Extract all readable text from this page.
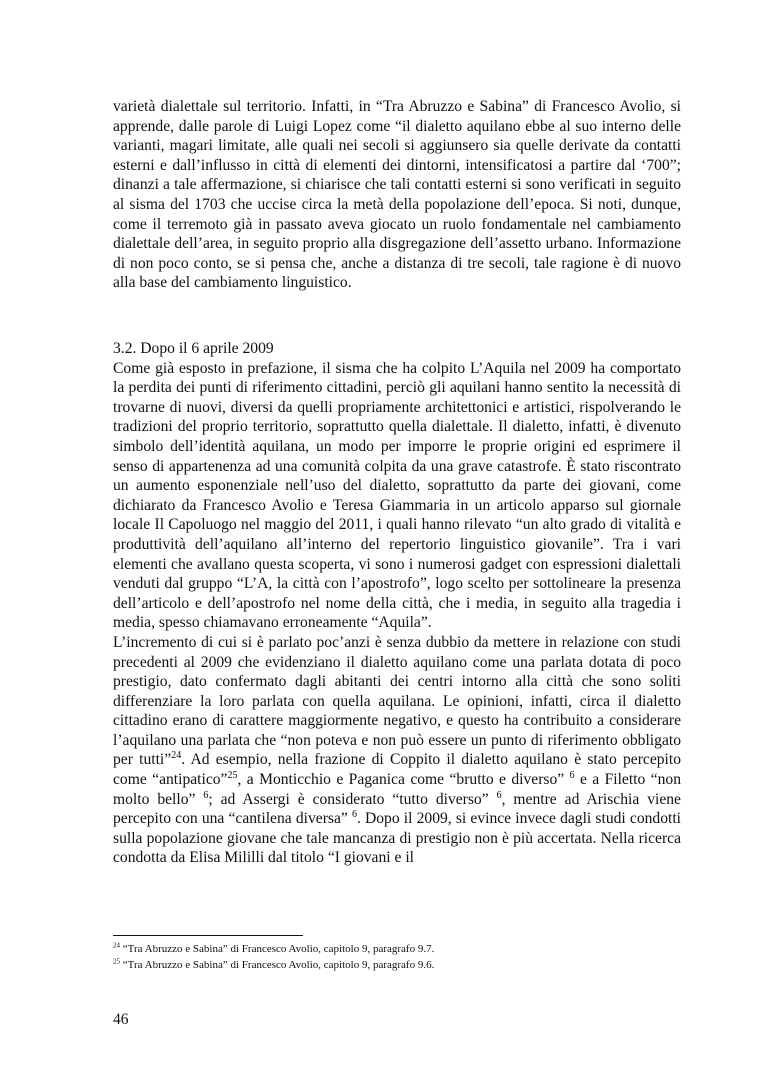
varietà dialettale sul territorio. Infatti, in “Tra Abruzzo e Sabina” di Francesco Avolio, si apprende, dalle parole di Luigi Lopez come “il dialetto aquilano ebbe al suo interno delle varianti, magari limitate, alle quali nei secoli si aggiunsero sia quelle derivate da contatti esterni e dall’influsso in città di elementi dei dintorni, intensificatosi a partire dal ‘700”; dinanzi a tale affermazione, si chiarisce che tali contatti esterni si sono verificati in seguito al sisma del 1703 che uccise circa la metà della popolazione dell’epoca. Si noti, dunque, come il terremoto già in passato aveva giocato un ruolo fondamentale nel cambiamento dialettale dell’area, in seguito proprio alla disgregazione dell’assetto urbano. Informazione di non poco conto, se si pensa che, anche a distanza di tre secoli, tale ragione è di nuovo alla base del cambiamento linguistico.

3.2. Dopo il 6 aprile 2009

Come già esposto in prefazione, il sisma che ha colpito L’Aquila nel 2009 ha comportato la perdita dei punti di riferimento cittadini, perciò gli aquilani hanno sentito la necessità di trovarne di nuovi, diversi da quelli propriamente architettonici e artistici, rispolverando le tradizioni del proprio territorio, soprattutto quella dialettale. Il dialetto, infatti, è divenuto simbolo dell’identità aquilana, un modo per imporre le proprie origini ed esprimere il senso di appartenenza ad una comunità colpita da una grave catastrofe. È stato riscontrato un aumento esponenziale nell’uso del dialetto, soprattutto da parte dei giovani, come dichiarato da Francesco Avolio e Teresa Giammaria in un articolo apparso sul giornale locale Il Capoluogo nel maggio del 2011, i quali hanno rilevato “un alto grado di vitalità e produttività dell’aquilano all’interno del repertorio linguistico giovanile”. Tra i vari elementi che avallano questa scoperta, vi sono i numerosi gadget con espressioni dialettali venduti dal gruppo “L’A, la città con l’apostrofo”, logo scelto per sottolineare la presenza dell’articolo e dell’apostrofo nel nome della città, che i media, in seguito alla tragedia i media, spesso chiamavano erroneamente “Aquila”.

L’incremento di cui si è parlato poc’anzi è senza dubbio da mettere in relazione con studi precedenti al 2009 che evidenziano il dialetto aquilano come una parlata dotata di poco prestigio, dato confermato dagli abitanti dei centri intorno alla città che sono soliti differenziare la loro parlata con quella aquilana. Le opinioni, infatti, circa il dialetto cittadino erano di carattere maggiormente negativo, e questo ha contribuito a considerare l’aquilano una parlata che “non poteva e non può essere un punto di riferimento obbligato per tutti”$^{24}$. Ad esempio, nella frazione di Coppito il dialetto aquilano è stato percepito come “antipatico”$^{25}$, a Monticchio e Paganica come “brutto e diverso” $^6$ e a Filetto “non molto bello” $^6$; ad Assergi è considerato “tutto diverso” $^6$, mentre ad Arischia viene percepito con una “cantilena diversa” $^6$. Dopo il 2009, si evince invece dagli studi condotti sulla popolazione giovane che tale mancanza di prestigio non è più accertata. Nella ricerca condotta da Elisa Mililli dal titolo “I giovani e il

$^{24}$ “Tra Abruzzo e Sabina” di Francesco Avolio, capitolo 9, paragrafo 9.7.

$^{25}$ “Tra Abruzzo e Sabina” di Francesco Avolio, capitolo 9, paragrafo 9.6.

46
